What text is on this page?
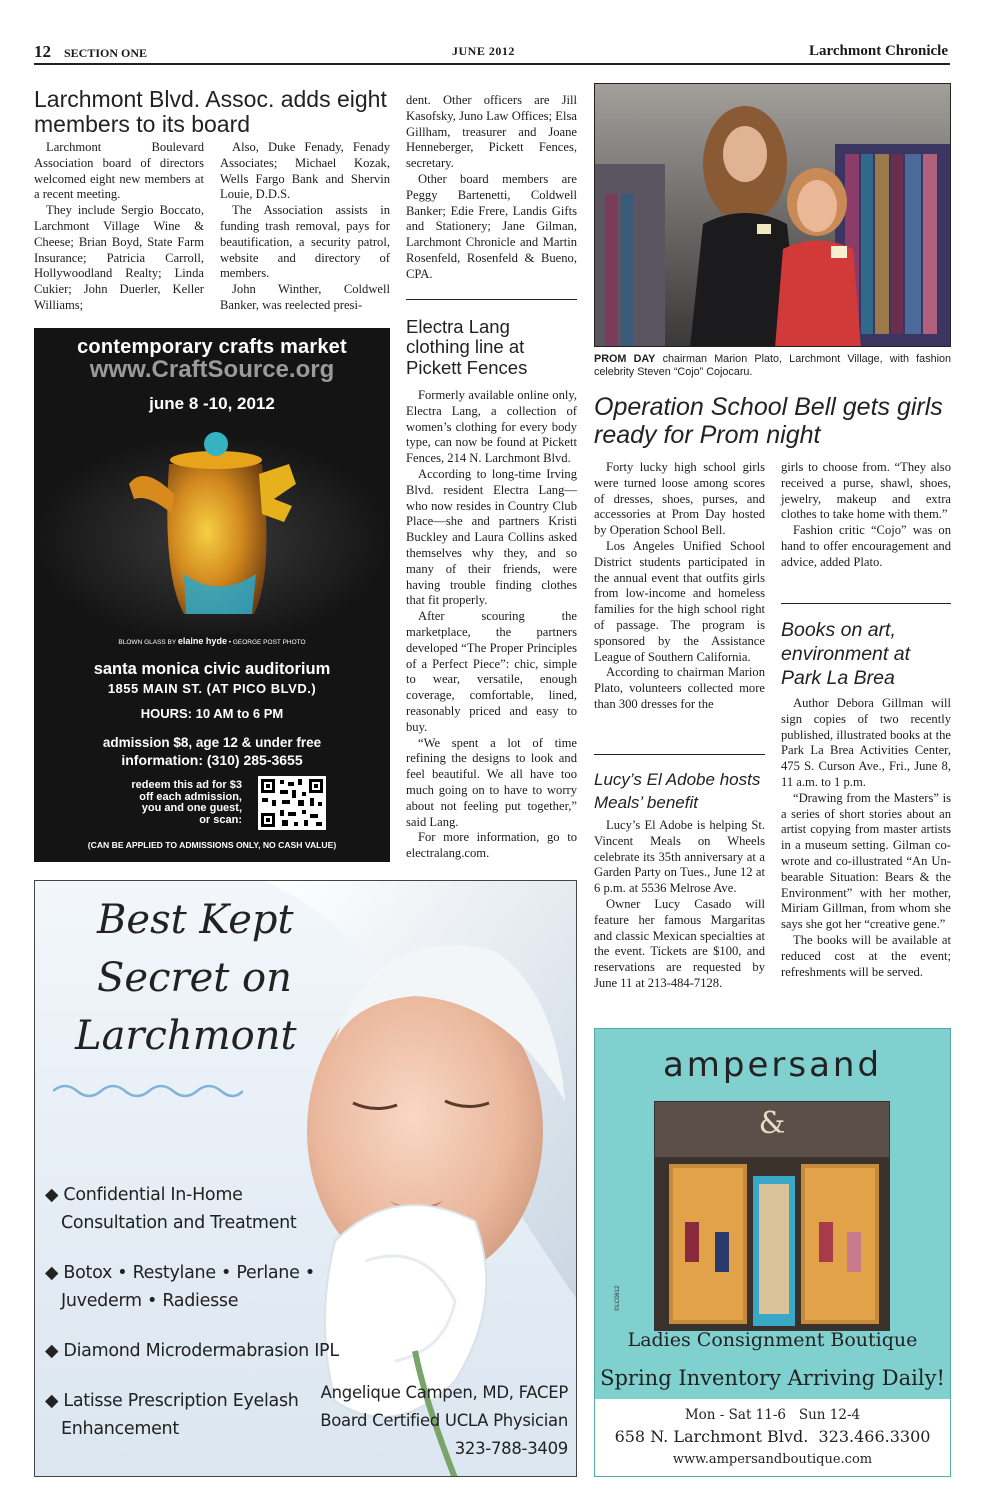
12 SECTION ONE	JUNE 2012	Larchmont Chronicle
Larchmont Blvd. Assoc. adds eight members to its board

Larchmont Boulevard Association board of directors welcomed eight new members at a recent meeting.

They include Sergio Boccato, Larchmont Village Wine & Cheese; Brian Boyd, State Farm Insurance; Patricia Carroll, Hollywoodland Realty; Linda Cukier; John Duerler, Keller Williams;

Also, Duke Fenady, Fenady Associates; Michael Kozak, Wells Fargo Bank and Shervin Louie, D.D.S.

The Association assists in funding trash removal, pays for beautification, a security patrol, website and directory of members.

John Winther, Coldwell Banker, was reelected presi-

dent. Other officers are Jill Kasofsky, Juno Law Offices; Elsa Gillham, treasurer and Joane Henneberger, Pickett Fences, secretary.

Other board members are Peggy Bartenetti, Coldwell Banker; Edie Frere, Landis Gifts and Stationery; Jane Gilman, Larchmont Chronicle and Martin Rosenfeld, Rosenfeld & Bueno, CPA.

PROM DAY chairman Marion Plato, Larchmont Village, with fashion celebrity Steven “Cojo” Cojocaru.
Electra Lang clothing line at Pickett Fences

Formerly available online only, Electra Lang, a collection of women’s clothing for every body type, can now be found at Pickett Fences, 214 N. Larchmont Blvd.

According to long-time Irving Blvd. resident Electra Lang—who now resides in Country Club Place—she and partners Kristi Buckley and Laura Collins asked themselves why they, and so many of their friends, were having trouble finding clothes that fit properly.

After scouring the marketplace, the partners developed “The Proper Principles of a Perfect Piece”: chic, simple to wear, versatile, enough coverage, comfortable, lined, reasonably priced and easy to buy.

“We spent a lot of time refining the designs to look and feel beautiful. We all have too much going on to have to worry about not feeling put together,” said Lang.

For more information, go to electralang.com.

Operation School Bell gets girls ready for Prom night

Forty lucky high school girls were turned loose among scores of dresses, shoes, purses, and accessories at Prom Day hosted by Operation School Bell.

Los Angeles Unified School District students participated in the annual event that outfits girls from low-income and homeless families for the high school right of passage. The program is sponsored by the Assistance League of Southern California.

According to chairman Marion Plato, volunteers collected more than 300 dresses for the

girls to choose from. “They also received a purse, shawl, shoes, jewelry, makeup and extra clothes to take home with them.”

Fashion critic “Cojo” was on hand to offer encouragement and advice, added Plato.

Lucy’s El Adobe hosts Meals’ benefit

Lucy’s El Adobe is helping St. Vincent Meals on Wheels celebrate its 35th anniversary at a Garden Party on Tues., June 12 at 6 p.m. at 5536 Melrose Ave.

Owner Lucy Casado will feature her famous Margaritas and classic Mexican specialties at the event. Tickets are $100, and reservations are requested by June 11 at 213-484-7128.

Books on art, environment at Park La Brea

Author Debora Gillman will sign copies of two recently published, illustrated books at the Park La Brea Activities Center, 475 S. Curson Ave., Fri., June 8, 11 a.m. to 1 p.m.

“Drawing from the Masters” is a series of short stories about an artist copying from master artists in a museum setting. Gilman co-wrote and co-illustrated “An Un-bearable Situation: Bears & the Environment” with her mother, Miriam Gillman, from whom she says she got her “creative gene.”

The books will be available at reduced cost at the event; refreshments will be served.

contemporary crafts market
www.CraftSource.org
june 8 -10, 2012
BLOWN GLASS BY elaine hyde • GEORGE POST PHOTO
santa monica civic auditorium
1855 MAIN ST. (AT PICO BLVD.)
HOURS: 10 AM to 6 PM
admission $8, age 12 & under free
information: (310) 285-3655
redeem this ad for $3
off each admission,
you and one guest,
or scan:
(CAN BE APPLIED TO ADMISSIONS ONLY, NO CASH VALUE)
Best Kept
Secret on
Larchmont
◆ Confidential In-Home
Consultation and Treatment
◆ Botox • Restylane • Perlane •
Juvederm • Radiesse
◆ Diamond Microdermabrasion IPL
◆ Latisse Prescription Eyelash
Enhancement
Angelique Campen, MD, FACEP
Board Certified UCLA Physician
323-788-3409
ampersand
&
©LC0612
Ladies Consignment Boutique
Spring Inventory Arriving Daily!
Mon - Sat 11-6   Sun 12-4
658 N. Larchmont Blvd.  323.466.3300
www.ampersandboutique.com
